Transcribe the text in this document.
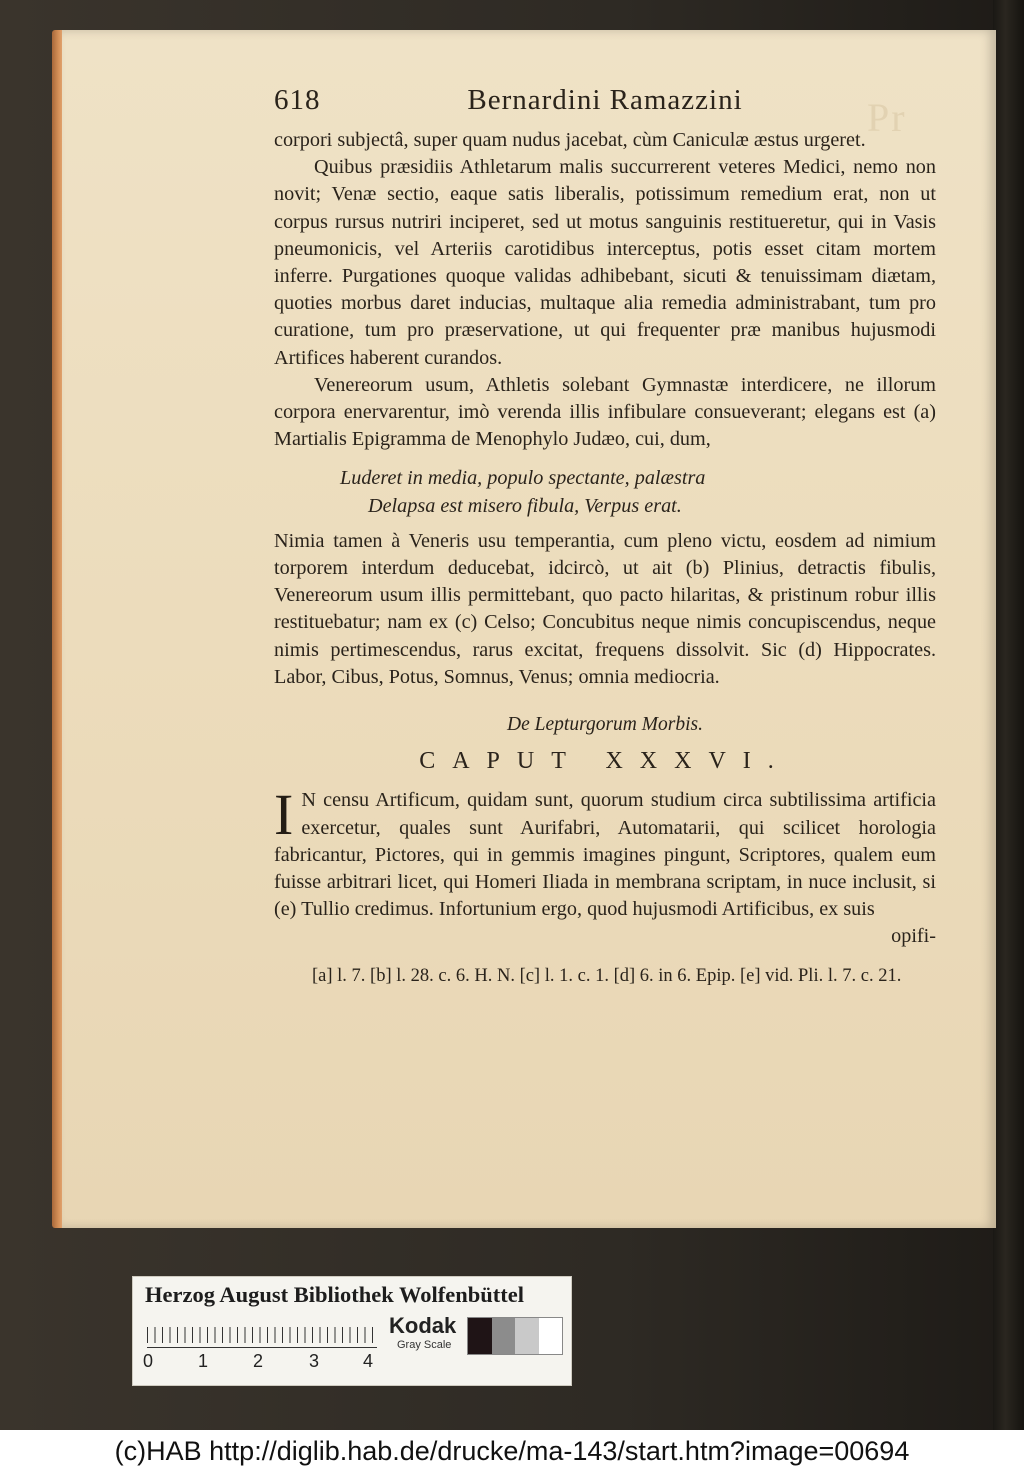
Pr
618	Bernardini Ramazzini

corpori subjectâ, super quam nudus jacebat, cùm Caniculæ æstus urgeret.

Quibus præsidiis Athletarum malis succurrerent veteres Medici, nemo non novit; Venæ sectio, eaque satis liberalis, potissimum remedium erat, non ut corpus rursus nutriri inciperet, sed ut motus sanguinis restitueretur, qui in Vasis pneumonicis, vel Arteriis carotidibus interceptus, potis esset citam mortem inferre. Purgationes quoque validas adhibebant, sicuti & tenuissimam diætam, quoties morbus daret inducias, multaque alia remedia administrabant, tum pro curatione, tum pro præservatione, ut qui frequenter præ manibus hujusmodi Artifices haberent curandos.

Venereorum usum, Athletis solebant Gymnastæ interdicere, ne illorum corpora enervarentur, imò verenda illis infibulare consueverant; elegans est (a) Martialis Epigramma de Menophylo Judæo, cui, dum,

Luderet in media, populo spectante, palæstra
Delapsa est misero fibula, Verpus erat.

Nimia tamen à Veneris usu temperantia, cum pleno victu, eosdem ad nimium torporem interdum deducebat, idcircò, ut ait (b) Plinius, detractis fibulis, Venereorum usum illis permittebant, quo pacto hilaritas, & pristinum robur illis restituebatur; nam ex (c) Celso; Concubitus neque nimis concupiscendus, neque nimis pertimescendus, rarus excitat, frequens dissolvit. Sic (d) Hippocrates. Labor, Cibus, Potus, Somnus, Venus; omnia mediocria.

De Lepturgorum Morbis.
CAPUT XXXVI.

I N censu Artificum, quidam sunt, quorum studium circa subtilissima artificia exercetur, quales sunt Aurifabri, Automatarii, qui scilicet horologia fabricantur, Pictores, qui in gemmis imagines pingunt, Scriptores, qualem eum fuisse arbitrari licet, qui Homeri Iliada in membrana scriptam, in nuce inclusit, si (e) Tullio credimus. Infortunium ergo, quod hujusmodi Artificibus, ex suis

opifi-
[a] l. 7. [b] l. 28. c. 6. H. N. [c] l. 1. c. 1. [d] 6. in 6. Epip. [e] vid. Pli. l. 7. c. 21.
Herzog August Bibliothek Wolfenbüttel
0 1 2	3 4
Kodak
Gray Scale
(c)HAB http://diglib.hab.de/drucke/ma-143/start.htm?image=00694
